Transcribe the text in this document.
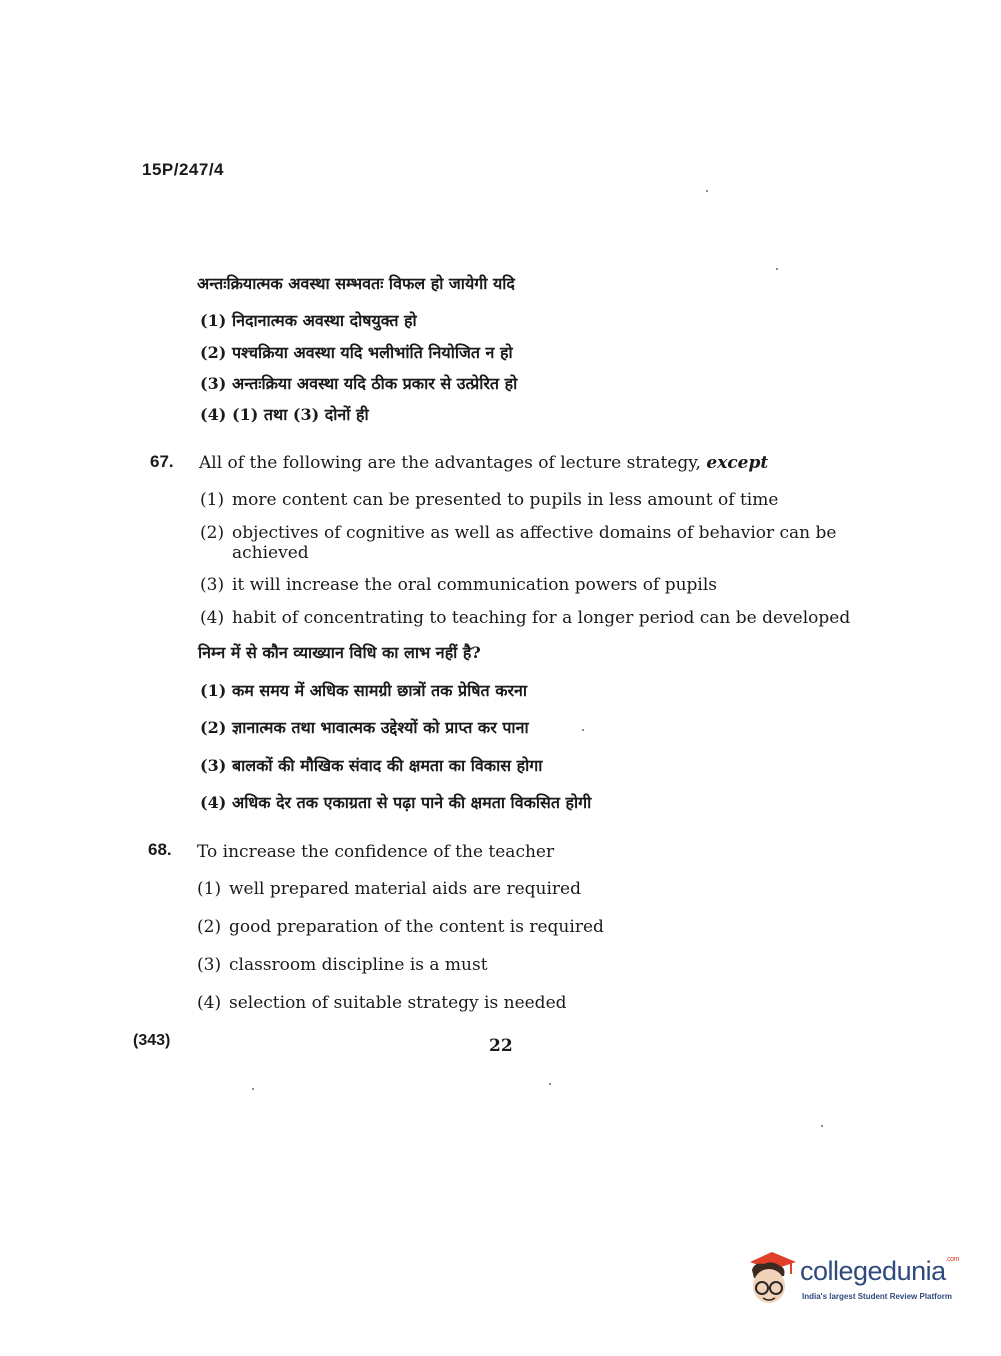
15P/247/4
अन्तःक्रियात्मक अवस्था सम्भवतः विफल हो जायेगी यदि
(1) निदानात्मक अवस्था दोषयुक्त हो
(2) पश्चक्रिया अवस्था यदि भलीभांति नियोजित न हो
(3) अन्तःक्रिया अवस्था यदि ठीक प्रकार से उत्प्रेरित हो
(4) (1) तथा (3) दोनों ही
67. All of the following are the advantages of lecture strategy, except
(1) more content can be presented to pupils in less amount of time
(2) objectives of cognitive as well as affective domains of behavior can be
achieved
(3) it will increase the oral communication powers of pupils
(4) habit of concentrating to teaching for a longer period can be developed
निम्न में से कौन व्याख्यान विधि का लाभ नहीं है?
(1) कम समय में अधिक सामग्री छात्रों तक प्रेषित करना
(2) ज्ञानात्मक तथा भावात्मक उद्देश्यों को प्राप्त कर पाना
(3) बालकों की मौखिक संवाद की क्षमता का विकास होगा
(4) अधिक देर तक एकाग्रता से पढ़ा पाने की क्षमता विकसित होगी
68. To increase the confidence of the teacher
(1) well prepared material aids are required
(2) good preparation of the content is required
(3) classroom discipline is a must
(4) selection of suitable strategy is needed
(343)	22
collegedunia$^{.com}$
India's largest Student Review Platform
